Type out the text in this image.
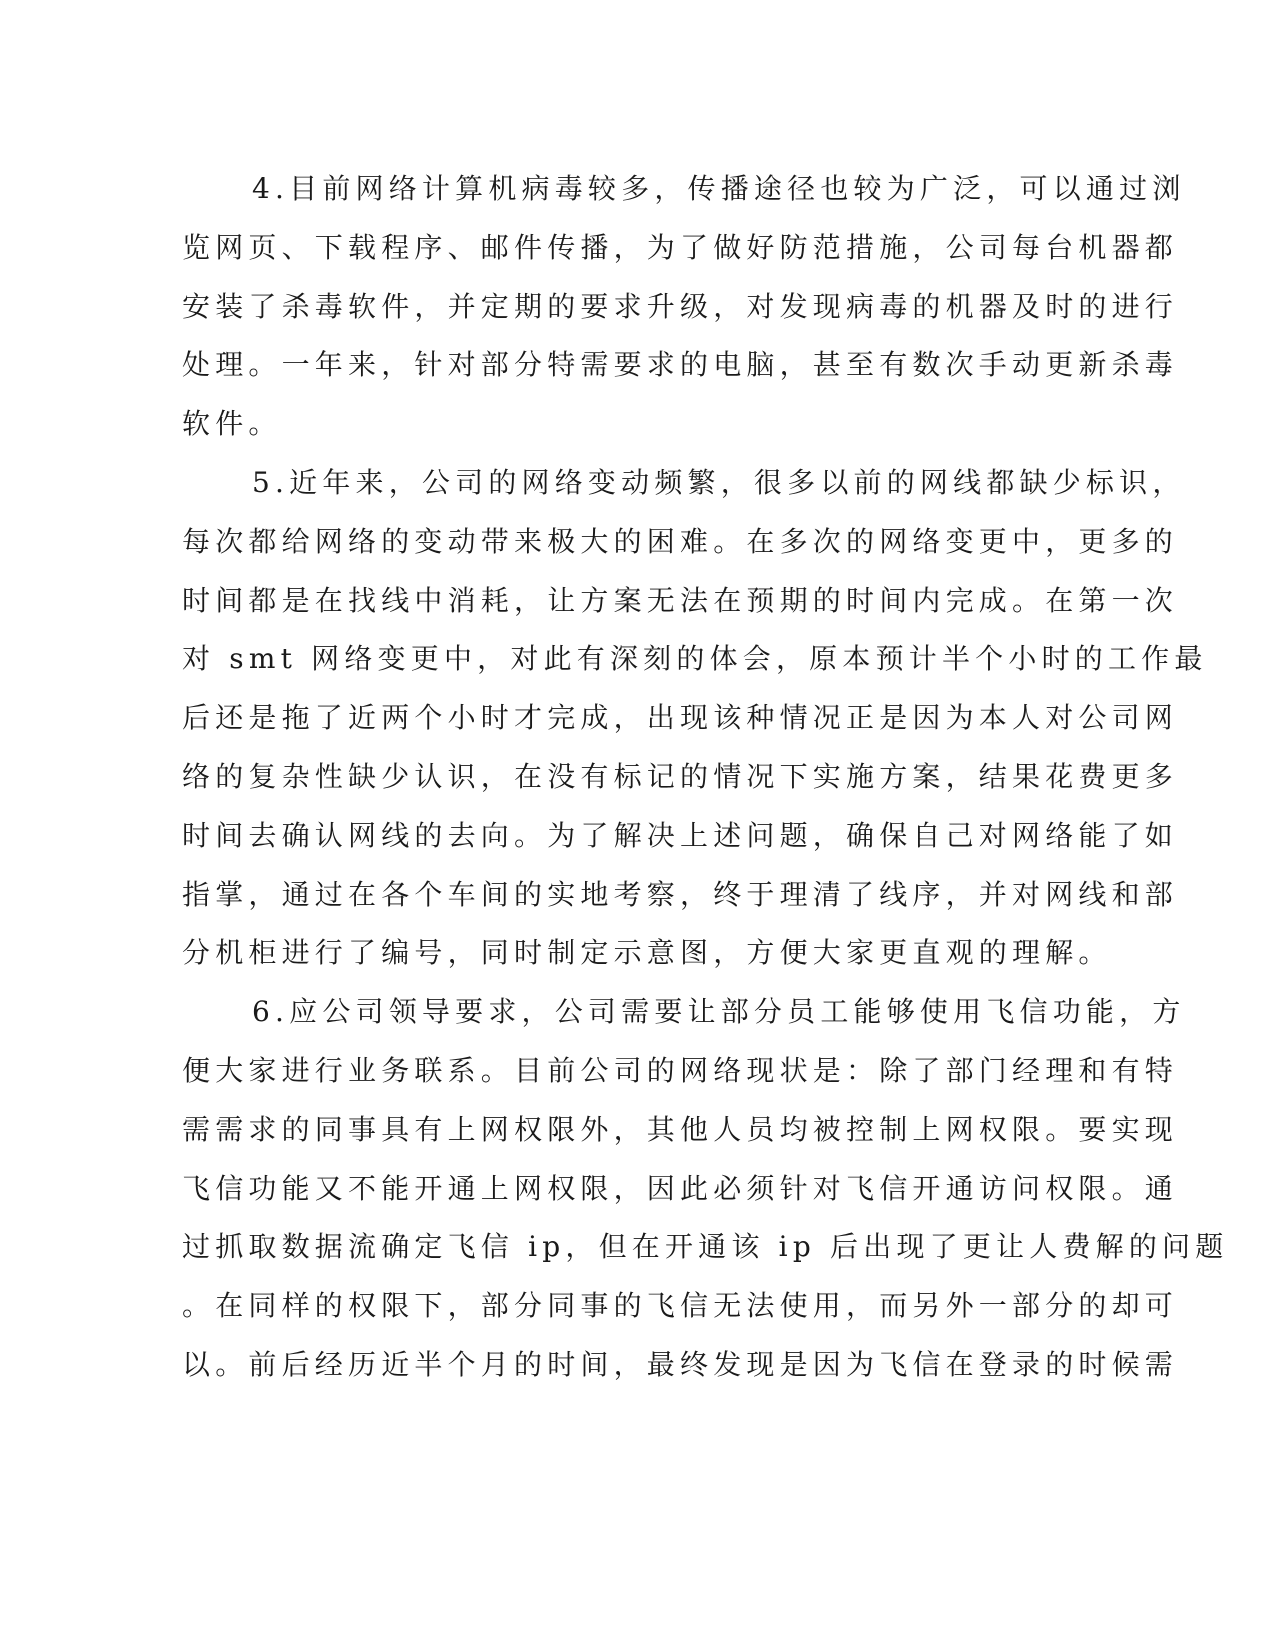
4.目前网络计算机病毒较多，传播途径也较为广泛，可以通过浏
览网页、下载程序、邮件传播，为了做好防范措施，公司每台机器都
安装了杀毒软件，并定期的要求升级，对发现病毒的机器及时的进行
处理。一年来，针对部分特需要求的电脑，甚至有数次手动更新杀毒
软件。
5.近年来，公司的网络变动频繁，很多以前的网线都缺少标识，
每次都给网络的变动带来极大的困难。在多次的网络变更中，更多的
时间都是在找线中消耗，让方案无法在预期的时间内完成。在第一次
对 smt 网络变更中，对此有深刻的体会，原本预计半个小时的工作最
后还是拖了近两个小时才完成，出现该种情况正是因为本人对公司网
络的复杂性缺少认识，在没有标记的情况下实施方案，结果花费更多
时间去确认网线的去向。为了解决上述问题，确保自己对网络能了如
指掌，通过在各个车间的实地考察，终于理清了线序，并对网线和部
分机柜进行了编号，同时制定示意图，方便大家更直观的理解。
6.应公司领导要求，公司需要让部分员工能够使用飞信功能，方
便大家进行业务联系。目前公司的网络现状是：除了部门经理和有特
需需求的同事具有上网权限外，其他人员均被控制上网权限。要实现
飞信功能又不能开通上网权限，因此必须针对飞信开通访问权限。通
过抓取数据流确定飞信 ip，但在开通该 ip 后出现了更让人费解的问题
。在同样的权限下，部分同事的飞信无法使用，而另外一部分的却可
以。前后经历近半个月的时间，最终发现是因为飞信在登录的时候需
